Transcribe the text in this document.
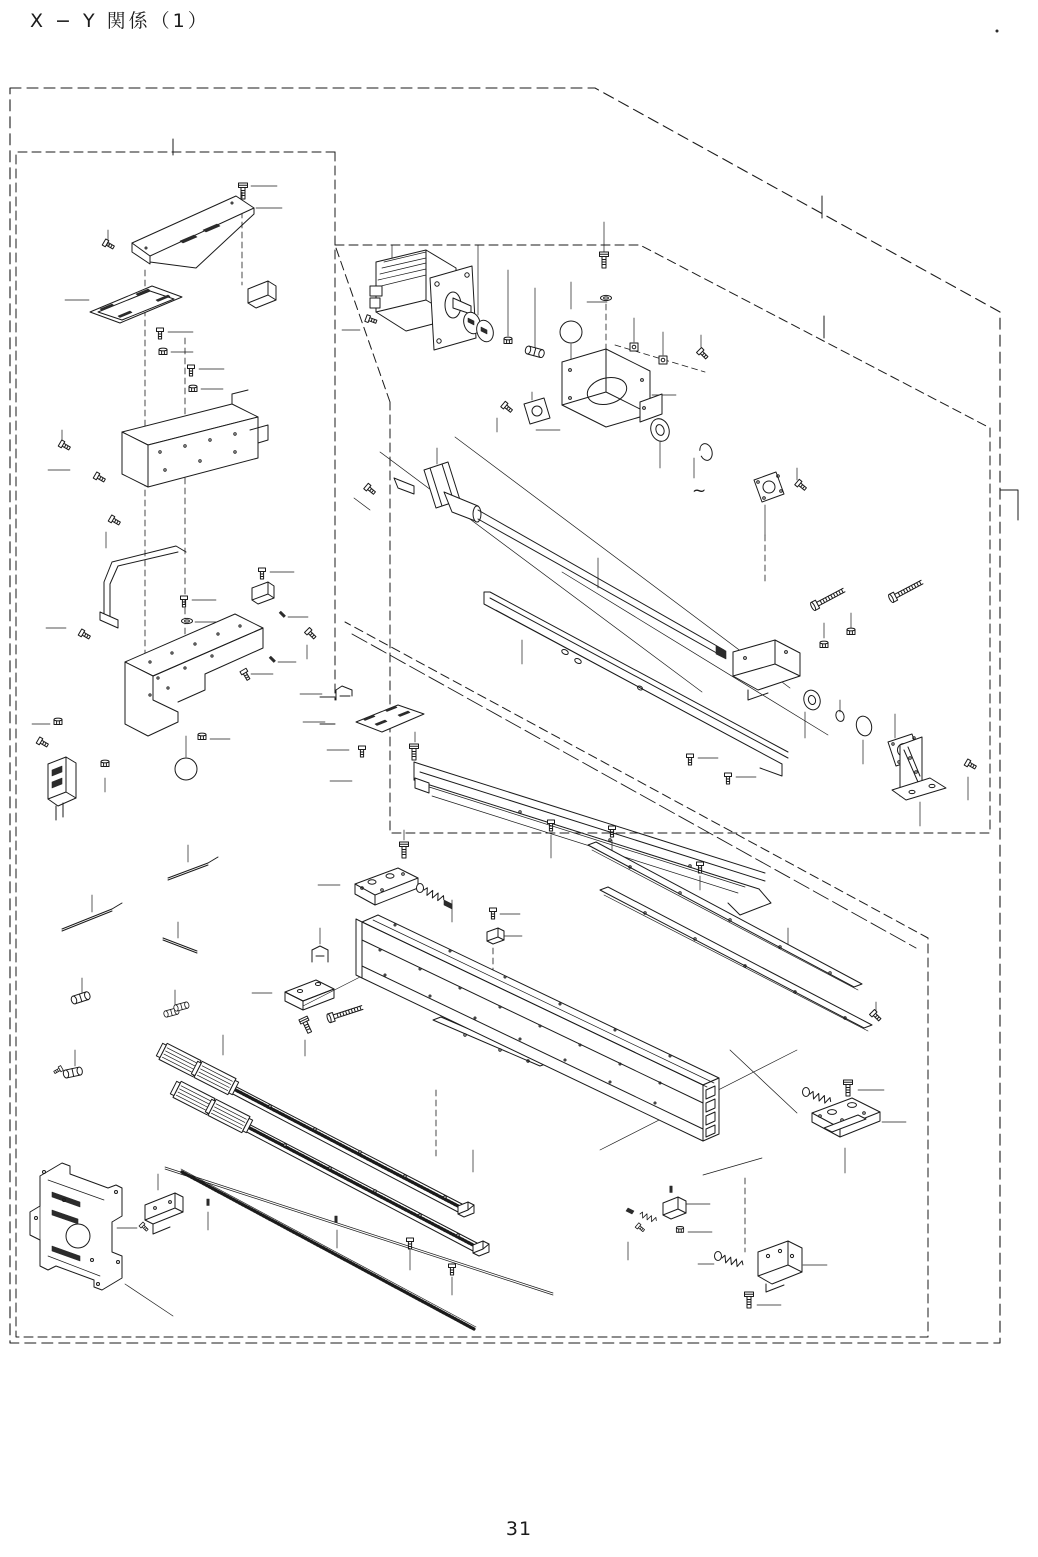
X − Y 関係（1）
~
31
